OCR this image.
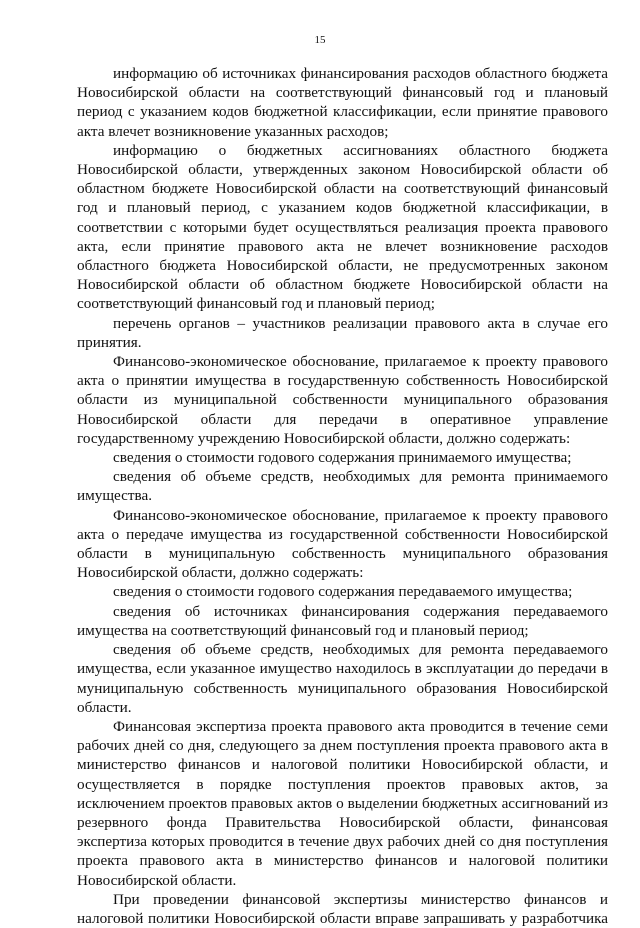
15

информацию об источниках финансирования расходов областного бюджета Новосибирской области на соответствующий финансовый год и плановый период с указанием кодов бюджетной классификации, если принятие правового акта влечет возникновение указанных расходов;

информацию о бюджетных ассигнованиях областного бюджета Новосибирской области, утвержденных законом Новосибирской области об областном бюджете Новосибирской области на соответствующий финансовый год и плановый период, с указанием кодов бюджетной классификации, в соответствии с которыми будет осуществляться реализация проекта правового акта, если принятие правового акта не влечет возникновение расходов областного бюджета Новосибирской области, не предусмотренных законом Новосибирской области об областном бюджете Новосибирской области на соответствующий финансовый год и плановый период;

перечень органов – участников реализации правового акта в случае его принятия.

Финансово-экономическое обоснование, прилагаемое к проекту правового акта о принятии имущества в государственную собственность Новосибирской области из муниципальной собственности муниципального образования Новосибирской области для передачи в оперативное управление государственному учреждению Новосибирской области, должно содержать:

сведения о стоимости годового содержания принимаемого имущества;

сведения об объеме средств, необходимых для ремонта принимаемого имущества.

Финансово-экономическое обоснование, прилагаемое к проекту правового акта о передаче имущества из государственной собственности Новосибирской области в муниципальную собственность муниципального образования Новосибирской области, должно содержать:

сведения о стоимости годового содержания передаваемого имущества;

сведения об источниках финансирования содержания передаваемого имущества на соответствующий финансовый год и плановый период;

сведения об объеме средств, необходимых для ремонта передаваемого имущества, если указанное имущество находилось в эксплуатации до передачи в муниципальную собственность муниципального образования Новосибирской области.

Финансовая экспертиза проекта правового акта проводится в течение семи рабочих дней со дня, следующего за днем поступления проекта правового акта в министерство финансов и налоговой политики Новосибирской области, и осуществляется в порядке поступления проектов правовых актов, за исключением проектов правовых актов о выделении бюджетных ассигнований из резервного фонда Правительства Новосибирской области, финансовая экспертиза которых проводится в течение двух рабочих дней со дня поступления проекта правового акта в министерство финансов и налоговой политики Новосибирской области.

При проведении финансовой экспертизы министерство финансов и налоговой политики Новосибирской области вправе запрашивать у разработчика
